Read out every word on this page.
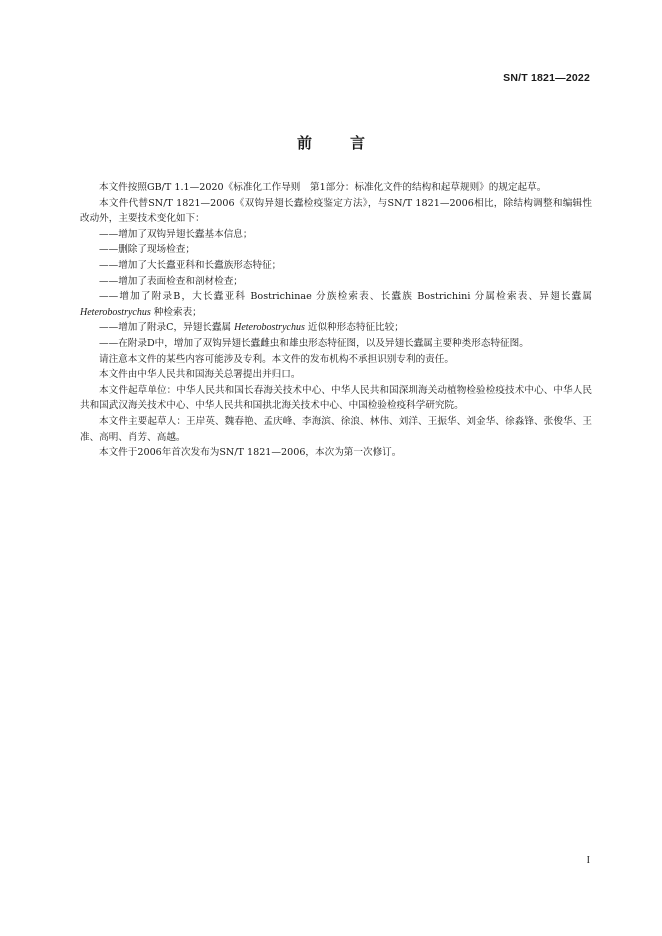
SN/T 1821—2022
前言

本文件按照GB/T 1.1—2020《标准化工作导则　第1部分：标准化文件的结构和起草规则》的规定起草。

本文件代替SN/T 1821—2006《双钩异翅长蠹检疫鉴定方法》，与SN/T 1821—2006相比，除结构调整和编辑性改动外，主要技术变化如下：

——增加了双钩异翅长蠹基本信息；

——删除了现场检查；

——增加了大长蠹亚科和长蠹族形态特征；

——增加了表面检查和剖材检查；

——增加了附录B，大长蠹亚科 Bostrichinae 分族检索表、长蠹族 Bostrichini 分属检索表、异翅长蠹属 Heterobostrychus 种检索表；

——增加了附录C，异翅长蠹属 Heterobostrychus 近似种形态特征比较；

——在附录D中，增加了双钩异翅长蠹雌虫和雄虫形态特征图，以及异翅长蠹属主要种类形态特征图。

请注意本文件的某些内容可能涉及专利。本文件的发布机构不承担识别专利的责任。

本文件由中华人民共和国海关总署提出并归口。

本文件起草单位：中华人民共和国长春海关技术中心、中华人民共和国深圳海关动植物检验检疫技术中心、中华人民共和国武汉海关技术中心、中华人民共和国拱北海关技术中心、中国检验检疫科学研究院。

本文件主要起草人：王岸英、魏春艳、孟庆峰、李海滨、徐浪、林伟、刘洋、王振华、刘金华、徐淼锋、张俊华、王准、高明、肖芳、高越。

本文件于2006年首次发布为SN/T 1821—2006，本次为第一次修订。

I
